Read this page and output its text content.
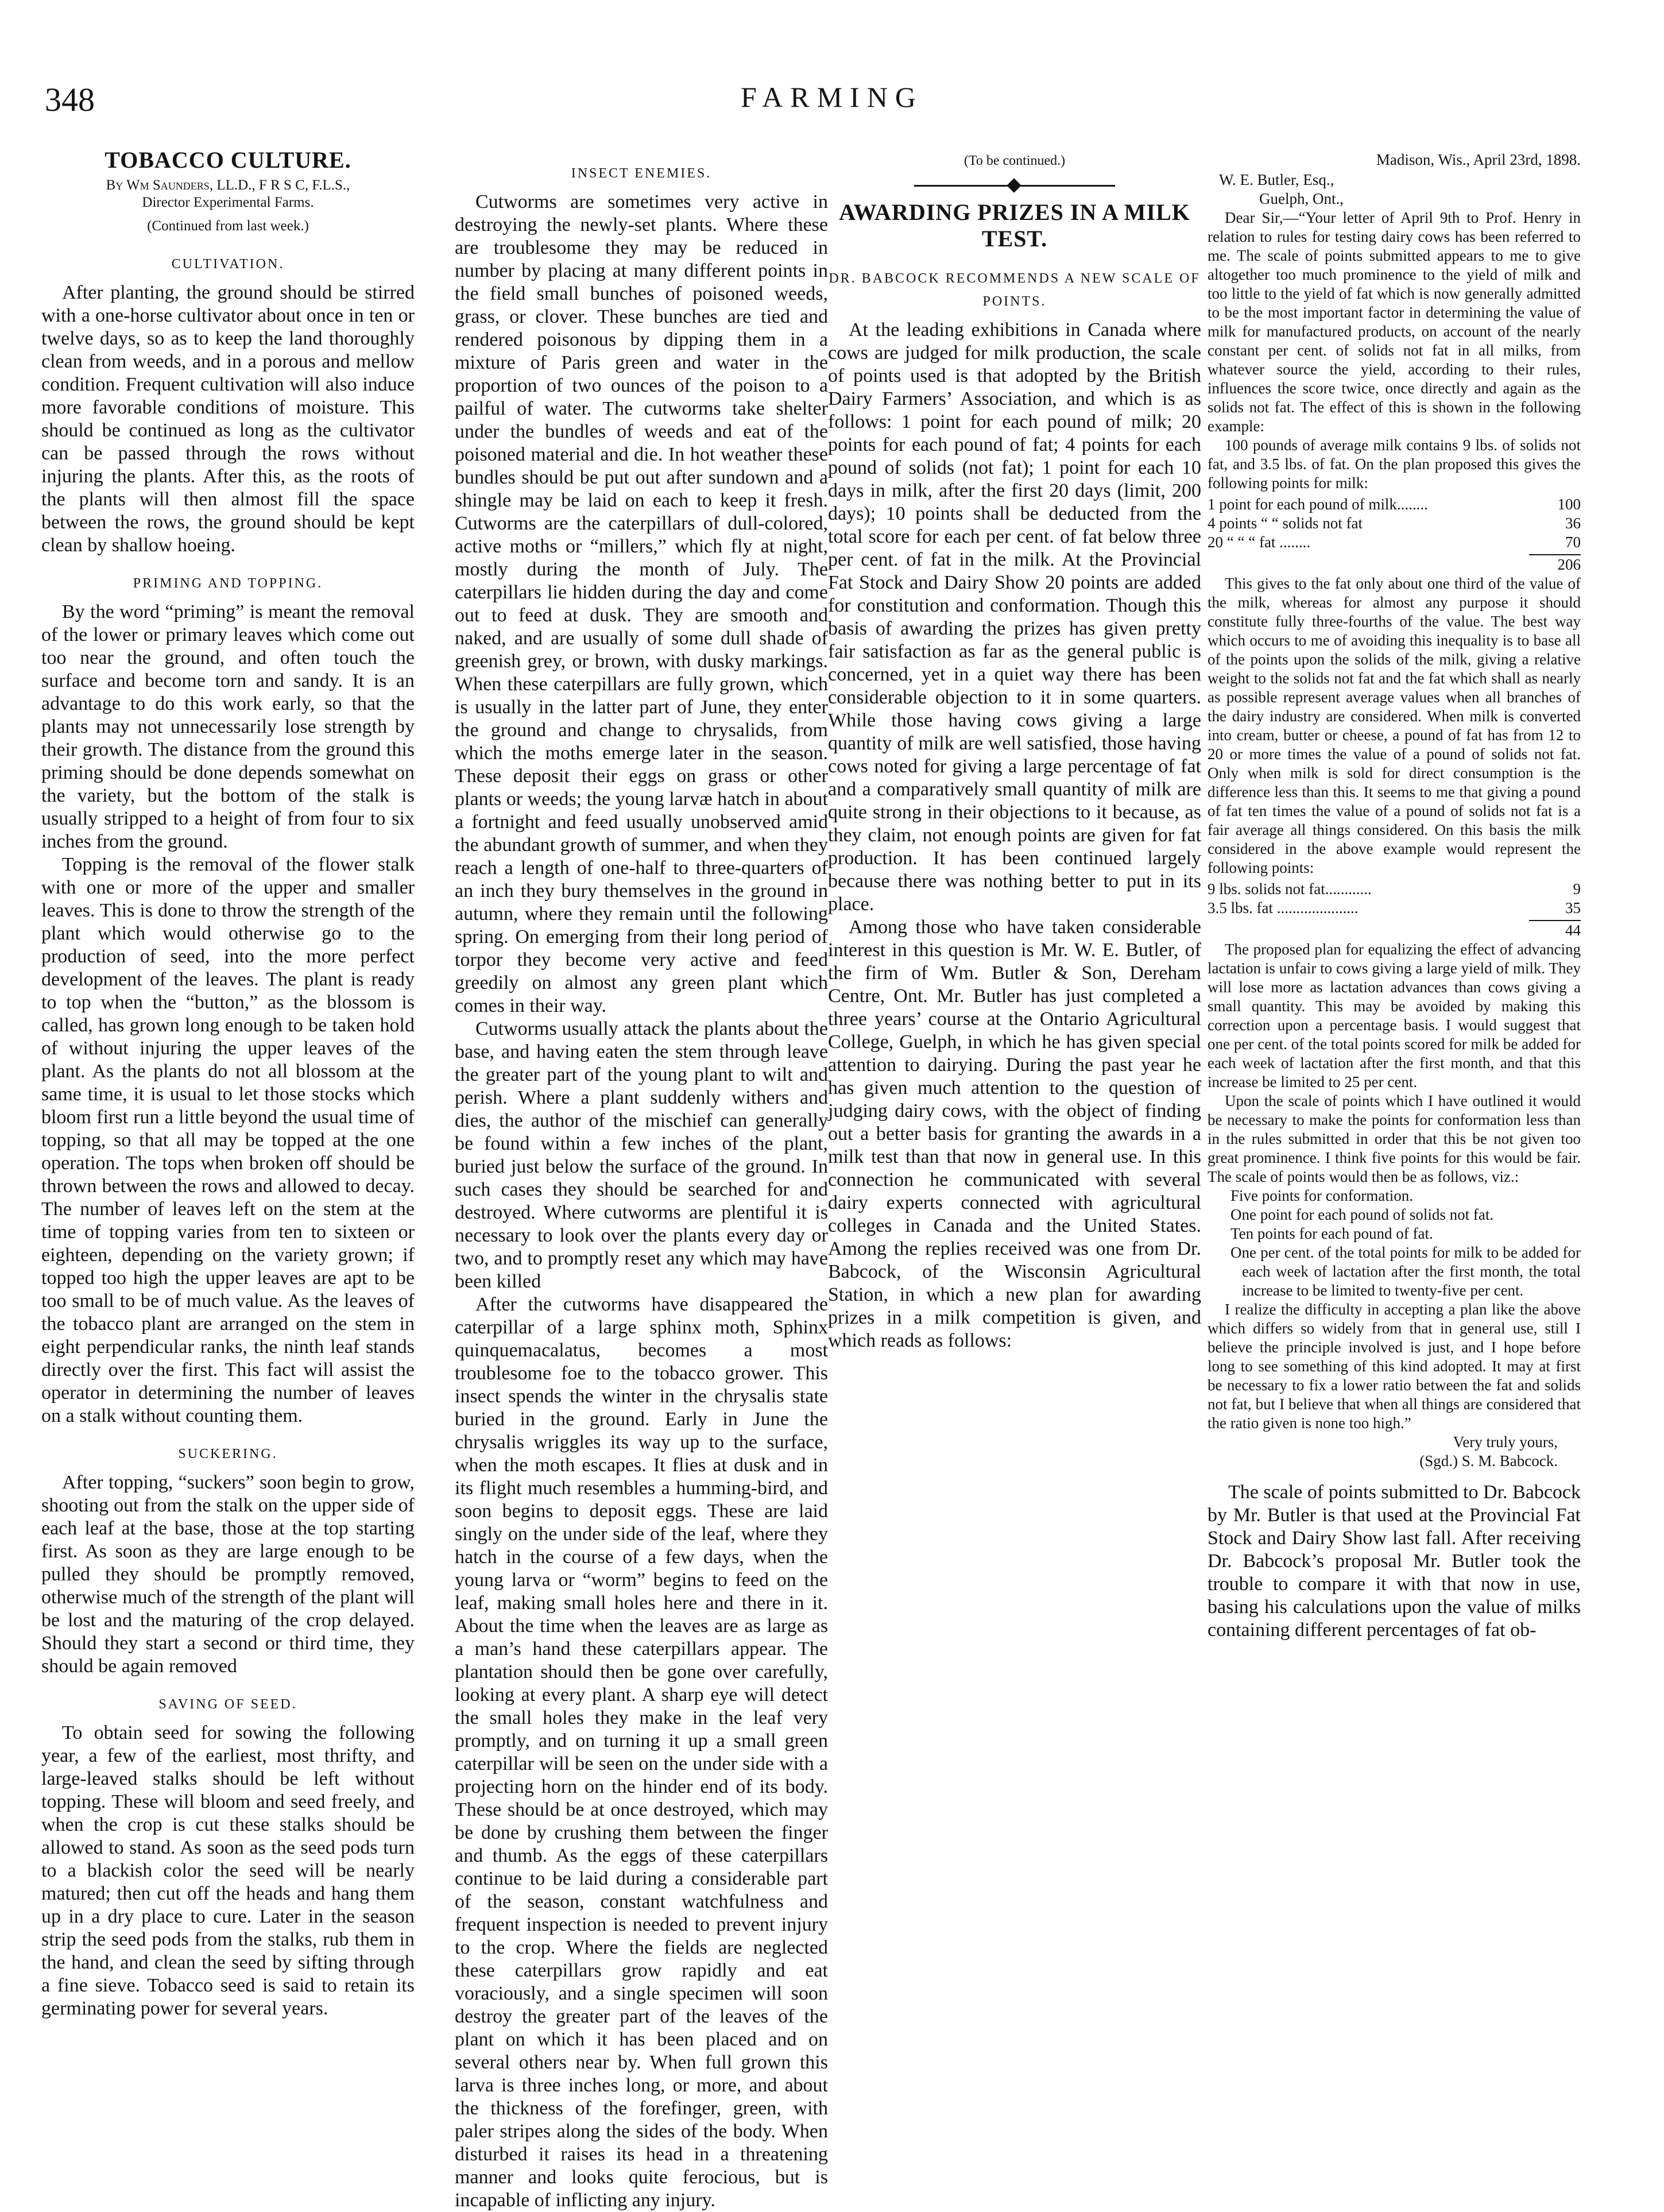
348	FARMING
TOBACCO CULTURE.
By Wm Saunders, LL.D., F R S C, F.L.S.,
Director Experimental Farms.
(Continued from last week.)
CULTIVATION.

After planting, the ground should be stirred with a one-horse cultivator about once in ten or twelve days, so as to keep the land thoroughly clean from weeds, and in a porous and mellow condition. Frequent cultivation will also induce more favorable conditions of moisture. This should be continued as long as the cultivator can be passed through the rows without injuring the plants. After this, as the roots of the plants will then almost fill the space between the rows, the ground should be kept clean by shallow hoeing.

PRIMING AND TOPPING.

By the word “priming” is meant the removal of the lower or primary leaves which come out too near the ground, and often touch the surface and become torn and sandy. It is an advantage to do this work early, so that the plants may not unnecessarily lose strength by their growth. The distance from the ground this priming should be done depends somewhat on the variety, but the bottom of the stalk is usually stripped to a height of from four to six inches from the ground.

Topping is the removal of the flower stalk with one or more of the upper and smaller leaves. This is done to throw the strength of the plant which would otherwise go to the production of seed, into the more perfect development of the leaves. The plant is ready to top when the “button,” as the blossom is called, has grown long enough to be taken hold of without injuring the upper leaves of the plant. As the plants do not all blossom at the same time, it is usual to let those stocks which bloom first run a little beyond the usual time of topping, so that all may be topped at the one operation. The tops when broken off should be thrown between the rows and allowed to decay. The number of leaves left on the stem at the time of topping varies from ten to sixteen or eighteen, depending on the variety grown; if topped too high the upper leaves are apt to be too small to be of much value. As the leaves of the tobacco plant are arranged on the stem in eight perpendicular ranks, the ninth leaf stands directly over the first. This fact will assist the operator in determining the number of leaves on a stalk without counting them.

SUCKERING.

After topping, “suckers” soon begin to grow, shooting out from the stalk on the upper side of each leaf at the base, those at the top starting first. As soon as they are large enough to be pulled they should be promptly removed, otherwise much of the strength of the plant will be lost and the maturing of the crop delayed. Should they start a second or third time, they should be again removed

SAVING OF SEED.

To obtain seed for sowing the following year, a few of the earliest, most thrifty, and large-leaved stalks should be left without topping. These will bloom and seed freely, and when the crop is cut these stalks should be allowed to stand. As soon as the seed pods turn to a blackish color the seed will be nearly matured; then cut off the heads and hang them up in a dry place to cure. Later in the season strip the seed pods from the stalks, rub them in the hand, and clean the seed by sifting through a fine sieve. Tobacco seed is said to retain its germinating power for several years.

INSECT ENEMIES.

Cutworms are sometimes very active in destroying the newly-set plants. Where these are troublesome they may be reduced in number by placing at many different points in the field small bunches of poisoned weeds, grass, or clover. These bunches are tied and rendered poisonous by dipping them in a mixture of Paris green and water in the proportion of two ounces of the poison to a pailful of water. The cutworms take shelter under the bundles of weeds and eat of the poisoned material and die. In hot weather these bundles should be put out after sundown and a shingle may be laid on each to keep it fresh. Cutworms are the caterpillars of dull-colored, active moths or “millers,” which fly at night, mostly during the month of July. The caterpillars lie hidden during the day and come out to feed at dusk. They are smooth and naked, and are usually of some dull shade of greenish grey, or brown, with dusky markings. When these caterpillars are fully grown, which is usually in the latter part of June, they enter the ground and change to chrysalids, from which the moths emerge later in the season. These deposit their eggs on grass or other plants or weeds; the young larvæ hatch in about a fortnight and feed usually unobserved amid the abundant growth of summer, and when they reach a length of one-half to three-quarters of an inch they bury themselves in the ground in autumn, where they remain until the following spring. On emerging from their long period of torpor they become very active and feed greedily on almost any green plant which comes in their way.

Cutworms usually attack the plants about the base, and having eaten the stem through leave the greater part of the young plant to wilt and perish. Where a plant suddenly withers and dies, the author of the mischief can generally be found within a few inches of the plant, buried just below the surface of the ground. In such cases they should be searched for and destroyed. Where cutworms are plentiful it is necessary to look over the plants every day or two, and to promptly reset any which may have been killed

After the cutworms have disappeared the caterpillar of a large sphinx moth, Sphinx quinquemacalatus, becomes a most troublesome foe to the tobacco grower. This insect spends the winter in the chrysalis state buried in the ground. Early in June the chrysalis wriggles its way up to the surface, when the moth escapes. It flies at dusk and in its flight much resembles a humming-bird, and soon begins to deposit eggs. These are laid singly on the under side of the leaf, where they hatch in the course of a few days, when the young larva or “worm” begins to feed on the leaf, making small holes here and there in it. About the time when the leaves are as large as a man’s hand these caterpillars appear. The plantation should then be gone over carefully, looking at every plant. A sharp eye will detect the small holes they make in the leaf very promptly, and on turning it up a small green caterpillar will be seen on the under side with a projecting horn on the hinder end of its body. These should be at once destroyed, which may be done by crushing them between the finger and thumb. As the eggs of these caterpillars continue to be laid during a considerable part of the season, constant watchfulness and frequent inspection is needed to prevent injury to the crop. Where the fields are neglected these caterpillars grow rapidly and eat voraciously, and a single specimen will soon destroy the greater part of the leaves of the plant on which it has been placed and on several others near by. When full grown this larva is three inches long, or more, and about the thickness of the forefinger, green, with paler stripes along the sides of the body. When disturbed it raises its head in a threatening manner and looks quite ferocious, but is incapable of inflicting any injury.

(To be continued.)
AWARDING PRIZES IN A MILK TEST.
DR. BABCOCK RECOMMENDS A NEW SCALE OF POINTS.

At the leading exhibitions in Canada where cows are judged for milk production, the scale of points used is that adopted by the British Dairy Farmers’ Association, and which is as follows: 1 point for each pound of milk; 20 points for each pound of fat; 4 points for each pound of solids (not fat); 1 point for each 10 days in milk, after the first 20 days (limit, 200 days); 10 points shall be deducted from the total score for each per cent. of fat below three per cent. of fat in the milk. At the Provincial Fat Stock and Dairy Show 20 points are added for constitution and conformation. Though this basis of awarding the prizes has given pretty fair satisfaction as far as the general public is concerned, yet in a quiet way there has been considerable objection to it in some quarters. While those having cows giving a large quantity of milk are well satisfied, those having cows noted for giving a large percentage of fat and a comparatively small quantity of milk are quite strong in their objections to it because, as they claim, not enough points are given for fat production. It has been continued largely because there was nothing better to put in its place.

Among those who have taken considerable interest in this question is Mr. W. E. Butler, of the firm of Wm. Butler & Son, Dereham Centre, Ont. Mr. Butler has just completed a three years’ course at the Ontario Agricultural College, Guelph, in which he has given special attention to dairying. During the past year he has given much attention to the question of judging dairy cows, with the object of finding out a better basis for granting the awards in a milk test than that now in general use. In this connection he communicated with several dairy experts connected with agricultural colleges in Canada and the United States. Among the replies received was one from Dr. Babcock, of the Wisconsin Agricultural Station, in which a new plan for awarding prizes in a milk competition is given, and which reads as follows:

Madison, Wis., April 23rd, 1898.
W. E. Butler, Esq.,
Guelph, Ont.,

Dear Sir,—“Your letter of April 9th to Prof. Henry in relation to rules for testing dairy cows has been referred to me. The scale of points submitted appears to me to give altogether too much prominence to the yield of milk and too little to the yield of fat which is now generally admitted to be the most important factor in determining the value of milk for manufactured products, on account of the nearly constant per cent. of solids not fat in all milks, from whatever source the yield, according to their rules, influences the score twice, once directly and again as the solids not fat. The effect of this is shown in the following example:

100 pounds of average milk contains 9 lbs. of solids not fat, and 3.5 lbs. of fat. On the plan proposed this gives the following points for milk:

1 point for each pound of milk........	100
4 points “ “ solids not fat	36
20 “ “ “ fat ........	70
206

This gives to the fat only about one third of the value of the milk, whereas for almost any purpose it should constitute fully three-fourths of the value. The best way which occurs to me of avoiding this inequality is to base all of the points upon the solids of the milk, giving a relative weight to the solids not fat and the fat which shall as nearly as possible represent average values when all branches of the dairy industry are considered. When milk is converted into cream, butter or cheese, a pound of fat has from 12 to 20 or more times the value of a pound of solids not fat. Only when milk is sold for direct consumption is the difference less than this. It seems to me that giving a pound of fat ten times the value of a pound of solids not fat is a fair average all things considered. On this basis the milk considered in the above example would represent the following points:

9 lbs. solids not fat............	9
3.5 lbs. fat .....................	35
44

The proposed plan for equalizing the effect of advancing lactation is unfair to cows giving a large yield of milk. They will lose more as lactation advances than cows giving a small quantity. This may be avoided by making this correction upon a percentage basis. I would suggest that one per cent. of the total points scored for milk be added for each week of lactation after the first month, and that this increase be limited to 25 per cent.

Upon the scale of points which I have outlined it would be necessary to make the points for conformation less than in the rules submitted in order that this be not given too great prominence. I think five points for this would be fair. The scale of points would then be as follows, viz.:

Five points for conformation.
One point for each pound of solids not fat.
Ten points for each pound of fat.
One per cent. of the total points for milk to be added for each week of lactation after the first month, the total increase to be limited to twenty-five per cent.

I realize the difficulty in accepting a plan like the above which differs so widely from that in general use, still I believe the principle involved is just, and I hope before long to see something of this kind adopted. It may at first be necessary to fix a lower ratio between the fat and solids not fat, but I believe that when all things are considered that the ratio given is none too high.”

Very truly yours,
(Sgd.) S. M. Babcock.

The scale of points submitted to Dr. Babcock by Mr. Butler is that used at the Provincial Fat Stock and Dairy Show last fall. After receiving Dr. Babcock’s proposal Mr. Butler took the trouble to compare it with that now in use, basing his calculations upon the value of milks containing different percentages of fat ob-
